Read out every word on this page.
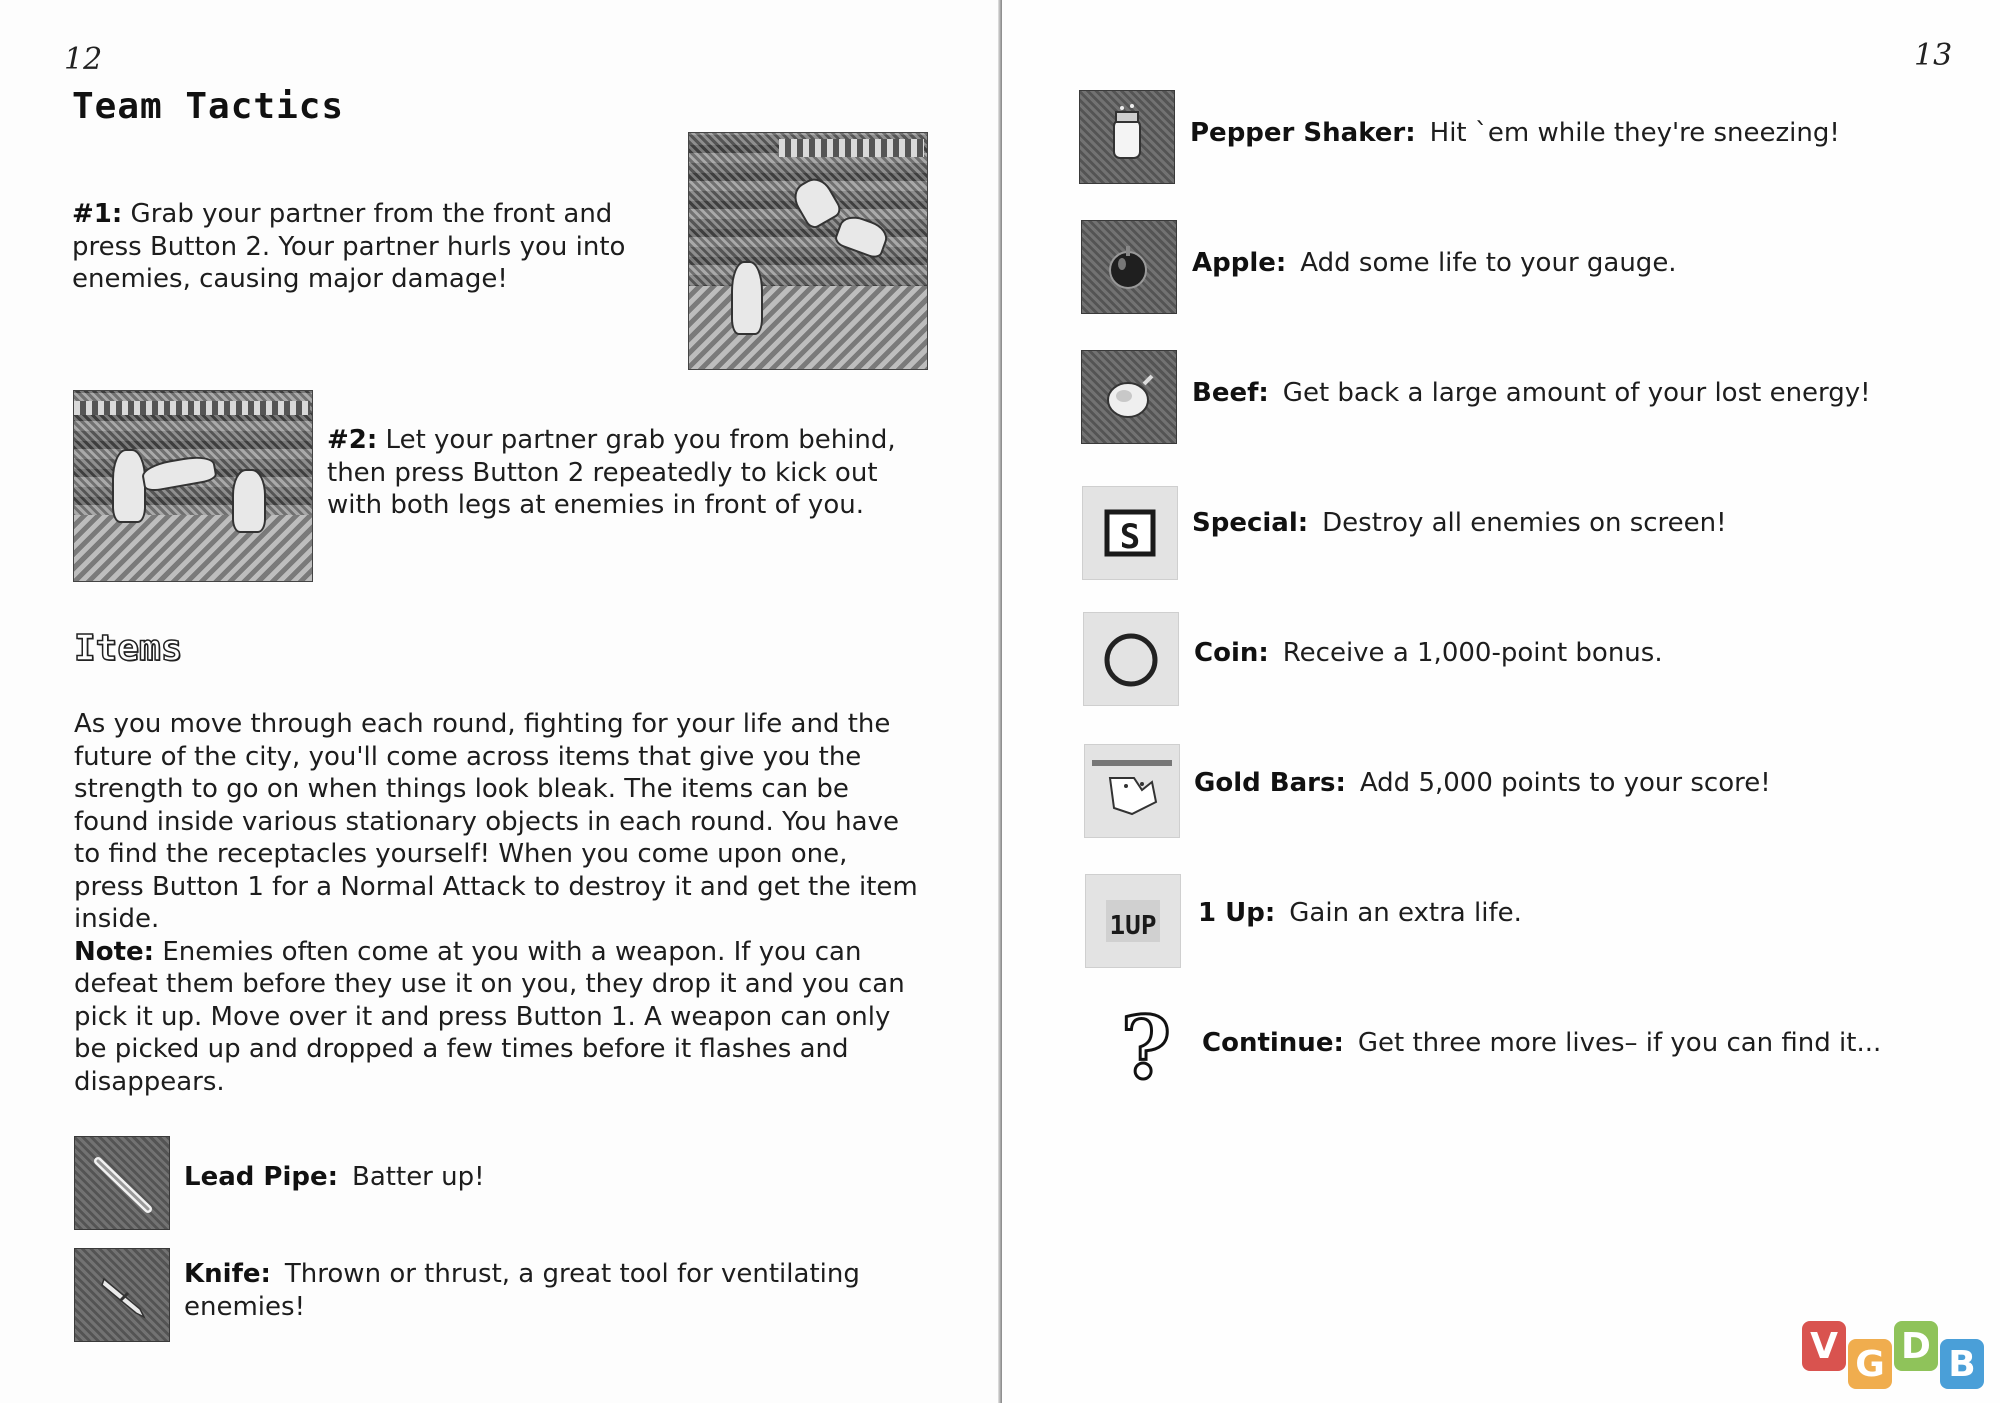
12
Team Tactics
#1: Grab your partner from the front and
press Button 2. Your partner hurls you into
enemies, causing major damage!
#2: Let your partner grab you from behind,
then press Button 2 repeatedly to kick out
with both legs at enemies in front of you.
Items
As you move through each round, fighting for your life and the
future of the city, you'll come across items that give you the
strength to go on when things look bleak. The items can be
found inside various stationary objects in each round. You have
to find the receptacles yourself! When you come upon one,
press Button 1 for a Normal Attack to destroy it and get the item
inside.
Note: Enemies often come at you with a weapon. If you can
defeat them before they use it on you, they drop it and you can
pick it up. Move over it and press Button 1. A weapon can only
be picked up and dropped a few times before it flashes and
disappears.
Lead Pipe: Batter up!
Knife: Thrown or thrust, a great tool for ventilating
enemies!
13
Pepper Shaker: Hit `em while they're sneezing!
Apple: Add some life to your gauge.
Beef: Get back a large amount of your lost energy!
S Special: Destroy all enemies on screen!
Coin: Receive a 1,000-point bonus.
Gold Bars: Add 5,000 points to your score!
1UP 1 Up: Gain an extra life.
? Continue: Get three more lives– if you can find it...
V G D B
